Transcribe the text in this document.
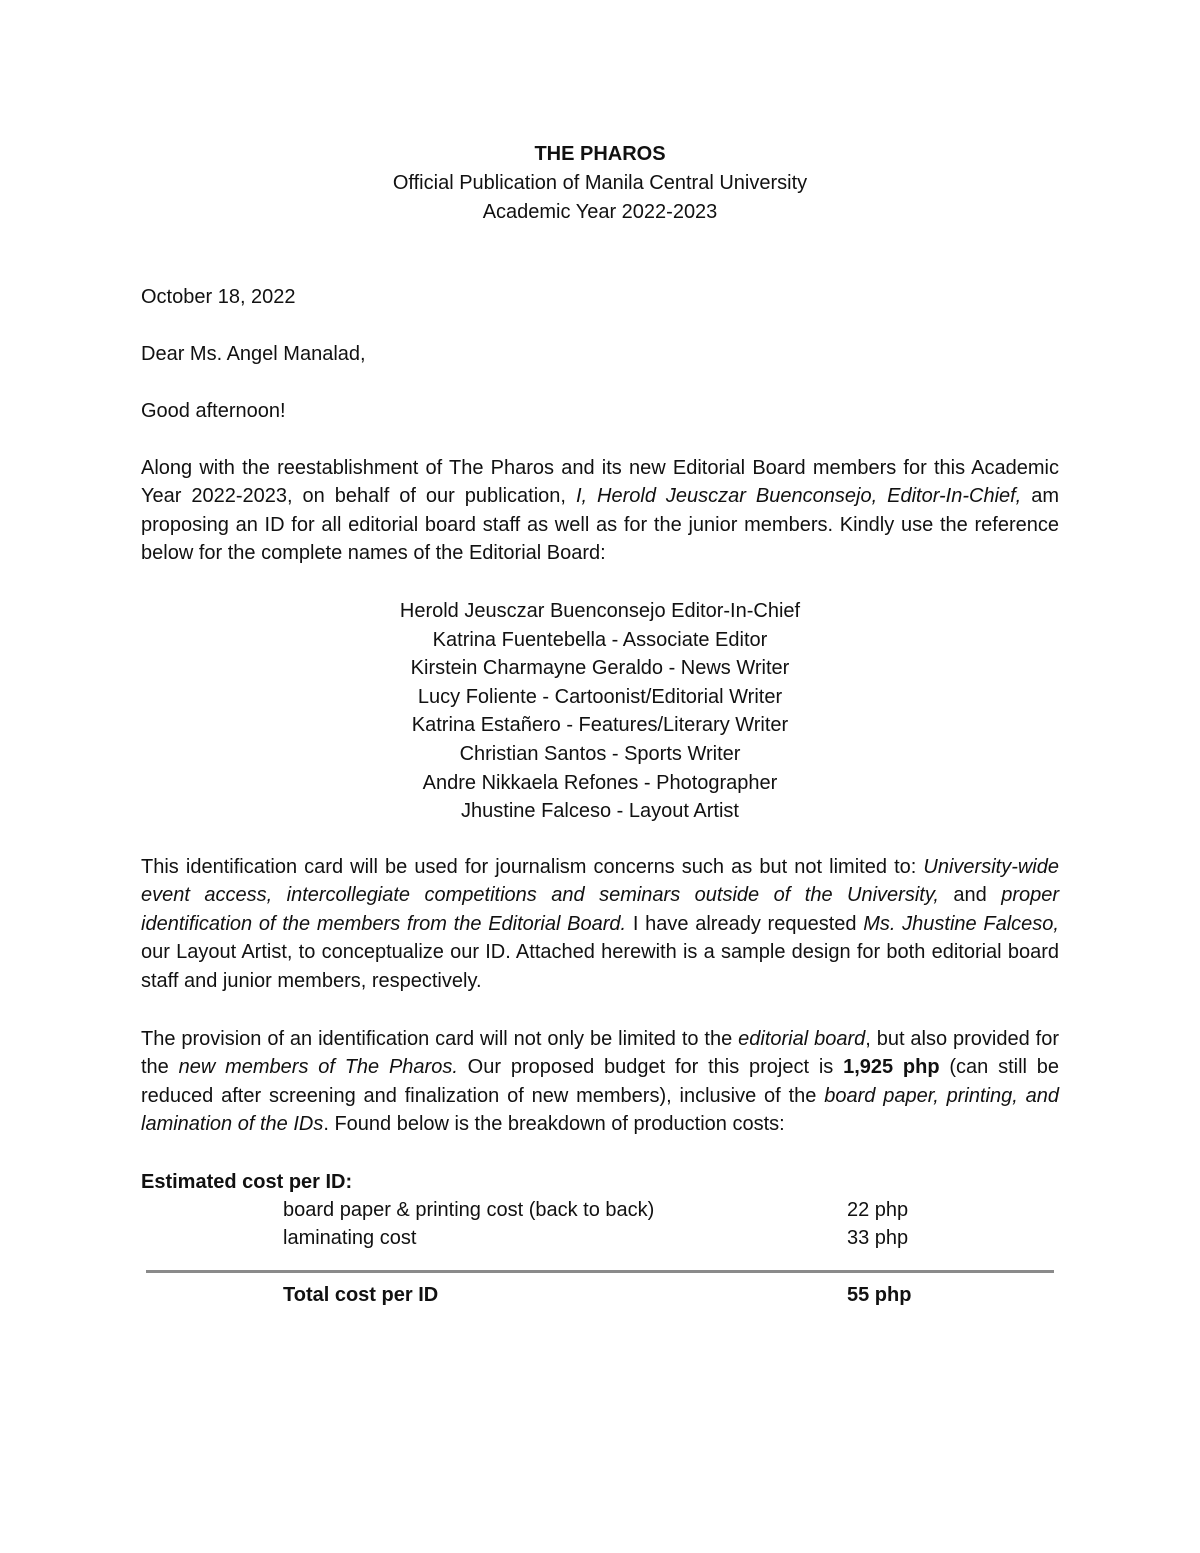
THE PHAROS
Official Publication of Manila Central University
Academic Year 2022-2023
October 18, 2022
Dear Ms. Angel Manalad,
Good afternoon!
Along with the reestablishment of The Pharos and its new Editorial Board members for this Academic Year 2022-2023, on behalf of our publication, I, Herold Jeusczar Buenconsejo, Editor-In-Chief, am proposing an ID for all editorial board staff as well as for the junior members. Kindly use the reference below for the complete names of the Editorial Board:
Herold Jeusczar Buenconsejo Editor-In-Chief
Katrina Fuentebella - Associate Editor
Kirstein Charmayne Geraldo - News Writer
Lucy Foliente - Cartoonist/Editorial Writer
Katrina Estañero - Features/Literary Writer
Christian Santos - Sports Writer
Andre Nikkaela Refones - Photographer
Jhustine Falceso - Layout Artist
This identification card will be used for journalism concerns such as but not limited to: University-wide event access, intercollegiate competitions and seminars outside of the University, and proper identification of the members from the Editorial Board. I have already requested Ms. Jhustine Falceso, our Layout Artist, to conceptualize our ID. Attached herewith is a sample design for both editorial board staff and junior members, respectively.
The provision of an identification card will not only be limited to the editorial board, but also provided for the new members of The Pharos. Our proposed budget for this project is 1,925 php (can still be reduced after screening and finalization of new members), inclusive of the board paper, printing, and lamination of the IDs. Found below is the breakdown of production costs:
Estimated cost per ID:
board paper & printing cost (back to back)	22 php
laminating cost	33 php
Total cost per ID	55 php
